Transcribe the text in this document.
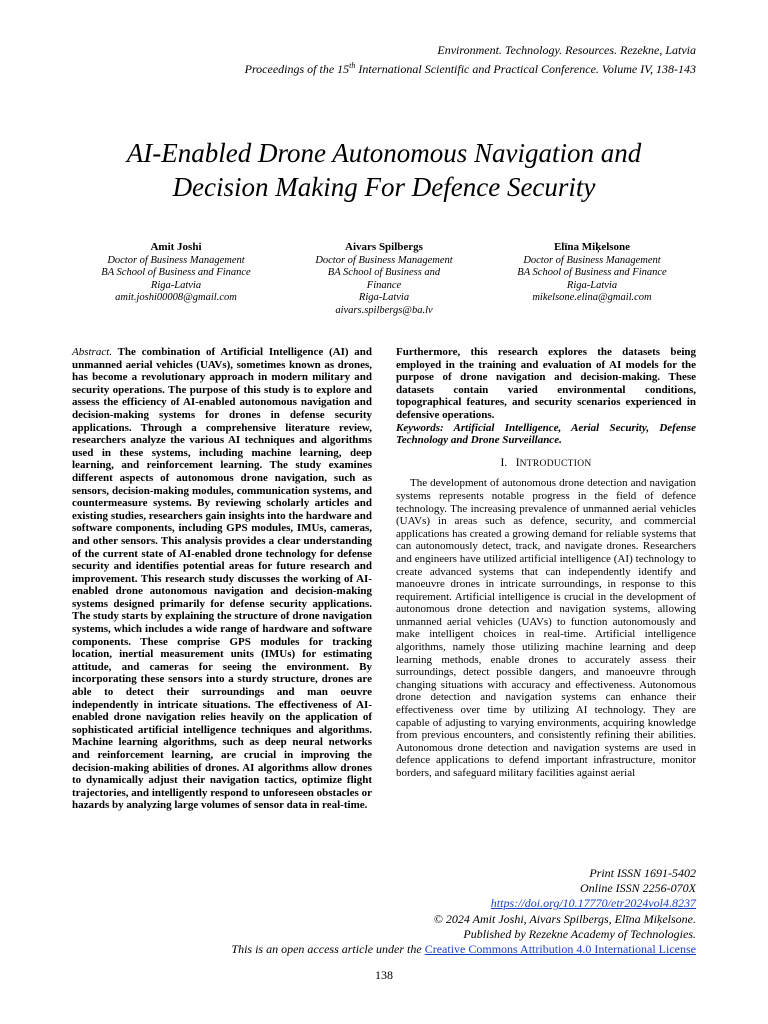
Environment. Technology. Resources. Rezekne, Latvia
Proceedings of the 15th International Scientific and Practical Conference. Volume IV, 138-143
AI-Enabled Drone Autonomous Navigation and
Decision Making For Defence Security
Amit Joshi
Doctor of Business Management
BA School of Business and Finance
Riga-Latvia
amit.joshi00008@gmail.com
Aivars Spilbergs
Doctor of Business Management
BA School of Business and
Finance
Riga-Latvia
aivars.spilbergs@ba.lv
Elīna Miķelsone
Doctor of Business Management
BA School of Business and Finance
Riga-Latvia
mikelsone.elina@gmail.com

Abstract. The combination of Artificial Intelligence (AI) and unmanned aerial vehicles (UAVs), sometimes known as drones, has become a revolutionary approach in modern military and security operations. The purpose of this study is to explore and assess the efficiency of AI-enabled autonomous navigation and decision-making systems for drones in defense security applications. Through a comprehensive literature review, researchers analyze the various AI techniques and algorithms used in these systems, including machine learning, deep learning, and reinforcement learning. The study examines different aspects of autonomous drone navigation, such as sensors, decision-making modules, communication systems, and countermeasure systems. By reviewing scholarly articles and existing studies, researchers gain insights into the hardware and software components, including GPS modules, IMUs, cameras, and other sensors. This analysis provides a clear understanding of the current state of AI-enabled drone technology for defense security and identifies potential areas for future research and improvement. This research study discusses the working of AI-enabled drone autonomous navigation and decision-making systems designed primarily for defense security applications. The study starts by explaining the structure of drone navigation systems, which includes a wide range of hardware and software components. These comprise GPS modules for tracking location, inertial measurement units (IMUs) for estimating attitude, and cameras for seeing the environment. By incorporating these sensors into a sturdy structure, drones are able to detect their surroundings and man oeuvre independently in intricate situations. The effectiveness of AI-enabled drone navigation relies heavily on the application of sophisticated artificial intelligence techniques and algorithms. Machine learning algorithms, such as deep neural networks and reinforcement learning, are crucial in improving the decision-making abilities of drones. AI algorithms allow drones to dynamically adjust their navigation tactics, optimize flight trajectories, and intelligently respond to unforeseen obstacles or hazards by analyzing large volumes of sensor data in real-time.

Furthermore, this research explores the datasets being employed in the training and evaluation of AI models for the purpose of drone navigation and decision-making. These datasets contain varied environmental conditions, topographical features, and security scenarios experienced in defensive operations.

Keywords: Artificial Intelligence, Aerial Security, Defense Technology and Drone Surveillance.

I. INTRODUCTION

The development of autonomous drone detection and navigation systems represents notable progress in the field of defence technology. The increasing prevalence of unmanned aerial vehicles (UAVs) in areas such as defence, security, and commercial applications has created a growing demand for reliable systems that can autonomously detect, track, and navigate drones. Researchers and engineers have utilized artificial intelligence (AI) technology to create advanced systems that can independently identify and manoeuvre drones in intricate surroundings, in response to this requirement. Artificial intelligence is crucial in the development of autonomous drone detection and navigation systems, allowing unmanned aerial vehicles (UAVs) to function autonomously and make intelligent choices in real-time. Artificial intelligence algorithms, namely those utilizing machine learning and deep learning methods, enable drones to accurately assess their surroundings, detect possible dangers, and manoeuvre through changing situations with accuracy and effectiveness. Autonomous drone detection and navigation systems can enhance their effectiveness over time by utilizing AI technology. They are capable of adjusting to varying environments, acquiring knowledge from previous encounters, and consistently refining their abilities. Autonomous drone detection and navigation systems are used in defence applications to defend important infrastructure, monitor borders, and safeguard military facilities against aerial

Print ISSN 1691-5402
Online ISSN 2256-070X
https://doi.org/10.17770/etr2024vol4.8237
© 2024 Amit Joshi, Aivars Spilbergs, Elīna Miķelsone.
Published by Rezekne Academy of Technologies.
This is an open access article under the Creative Commons Attribution 4.0 International License
138
